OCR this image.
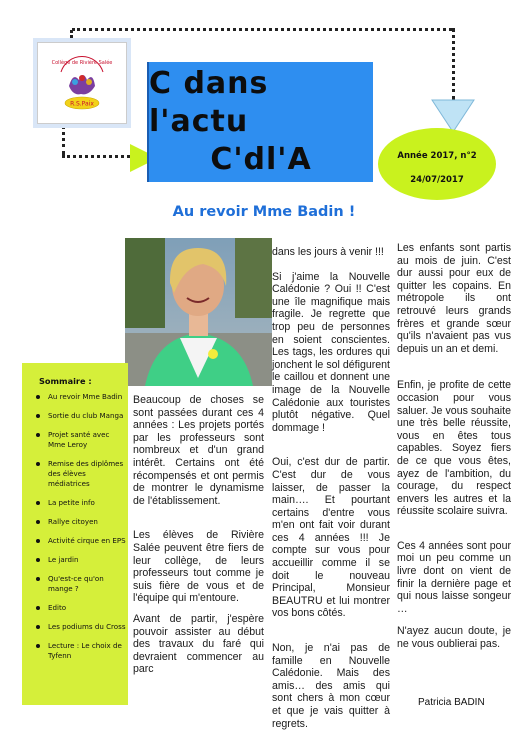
Collège de Rivière Salée
R.S.Paix
C dans l'actu
C'dl'A	Année 2017, n°2
24/07/2017
Au revoir Mme Badin !
Sommaire :
Au revoir Mme Badin
Sortie du club Manga
Projet santé avec Mme Leroy
Remise des diplômes des élèves médiatrices
La petite info
Rallye citoyen
Activité cirque en EPS
Le jardin
Qu'est-ce qu'on mange ?
Edito
Les podiums du Cross
Lecture : Le choix de Tyfenn

Beaucoup de choses se sont passées durant ces 4 années : Les projets portés par les professeurs sont nombreux et d'un grand intérêt. Certains ont été récompensés et ont permis de montrer le dynamisme de l'établissement.

Les élèves de Rivière Salée peuvent être fiers de leur collège, de leurs professeurs tout comme je suis fière de vous et de l'équipe qui m'entoure.

Avant de partir, j'espère pouvoir assister au début des travaux du faré qui devraient commencer au parc

dans les jours à venir !!!

Si j'aime la Nouvelle Calédonie ? Oui !! C'est une île magnifique mais fragile. Je regrette que trop peu de personnes en soient conscientes. Les tags, les ordures qui jonchent le sol défigurent le caillou et donnent une image de la Nouvelle Calédonie aux touristes plutôt négative. Quel dommage !

Oui, c'est dur de partir. C'est dur de vous laisser, de passer la main…. Et pourtant certains d'entre vous m'en ont fait voir durant ces 4 années !!! Je compte sur vous pour accueillir comme il se doit le nouveau Principal, Monsieur BEAUTRU et lui montrer vos bons côtés.

Non, je n'ai pas de famille en Nouvelle Calédonie. Mais des amis… des amis qui sont chers à mon cœur et que je vais quitter à regrets.

Les enfants sont partis au mois de juin. C'est dur aussi pour eux de quitter les copains. En métropole ils ont retrouvé leurs grands frères et grande sœur qu'ils n'avaient pas vus depuis un an et demi.

Enfin, je profite de cette occasion pour vous saluer. Je vous souhaite une très belle réussite, vous en êtes tous capables. Soyez fiers de ce que vous êtes, ayez de l'ambition, du courage, du respect envers les autres et la réussite scolaire suivra.

Ces 4 années sont pour moi un peu comme un livre dont on vient de finir la dernière page et qui nous laisse songeur …

N'ayez aucun doute, je ne vous oublierai pas.

Patricia BADIN
